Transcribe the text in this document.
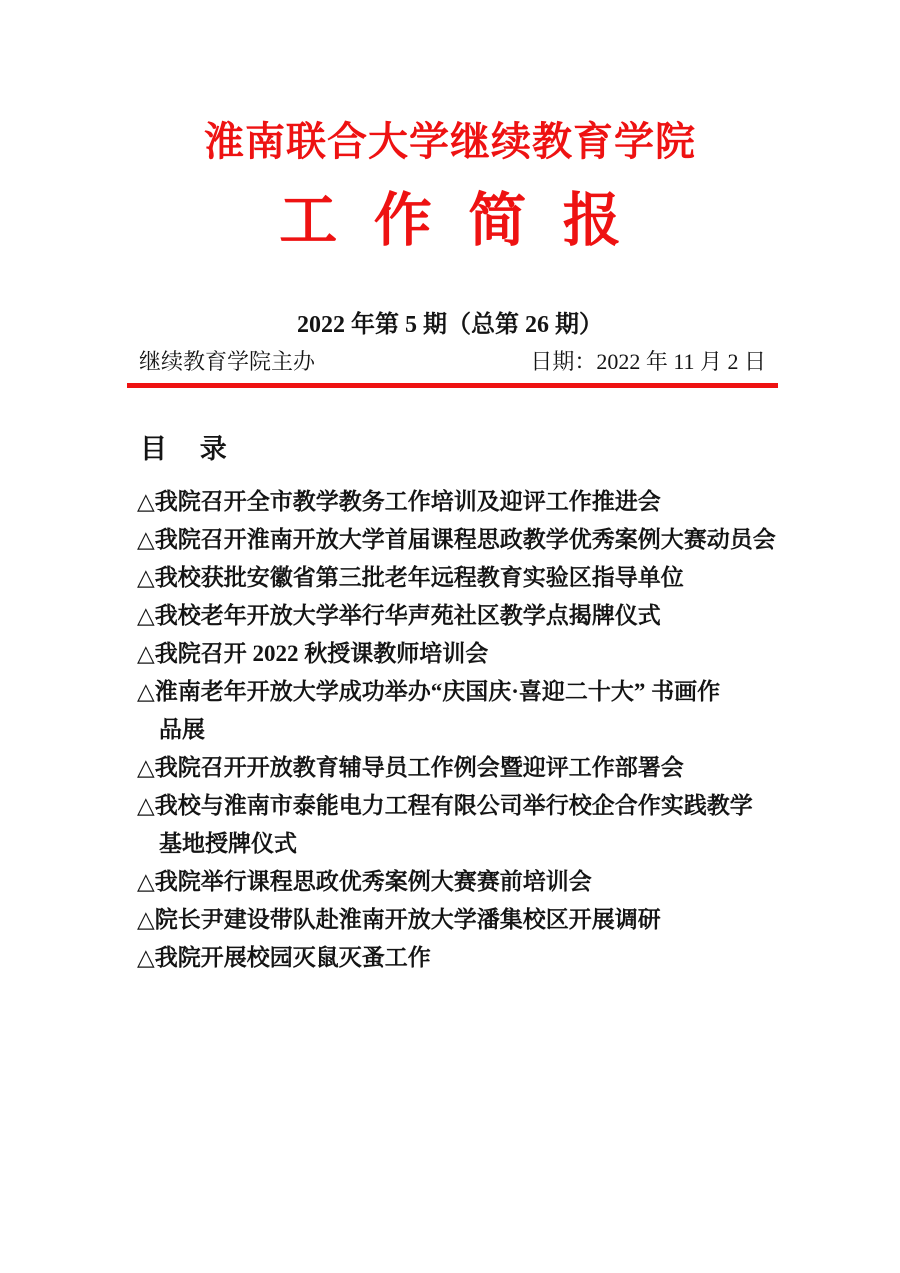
淮南联合大学继续教育学院
工 作 简 报
2022 年第 5 期（总第 26 期）
继续教育学院主办	日期：2022 年 11 月 2 日
目 录
△我院召开全市教学教务工作培训及迎评工作推进会
△我院召开淮南开放大学首届课程思政教学优秀案例大赛动员会
△我校获批安徽省第三批老年远程教育实验区指导单位
△我校老年开放大学举行华声苑社区教学点揭牌仪式
△我院召开 2022 秋授课教师培训会
△淮南老年开放大学成功举办“庆国庆·喜迎二十大” 书画作
品展
△我院召开开放教育辅导员工作例会暨迎评工作部署会
△我校与淮南市泰能电力工程有限公司举行校企合作实践教学
基地授牌仪式
△我院举行课程思政优秀案例大赛赛前培训会
△院长尹建设带队赴淮南开放大学潘集校区开展调研
△我院开展校园灭鼠灭蚤工作
